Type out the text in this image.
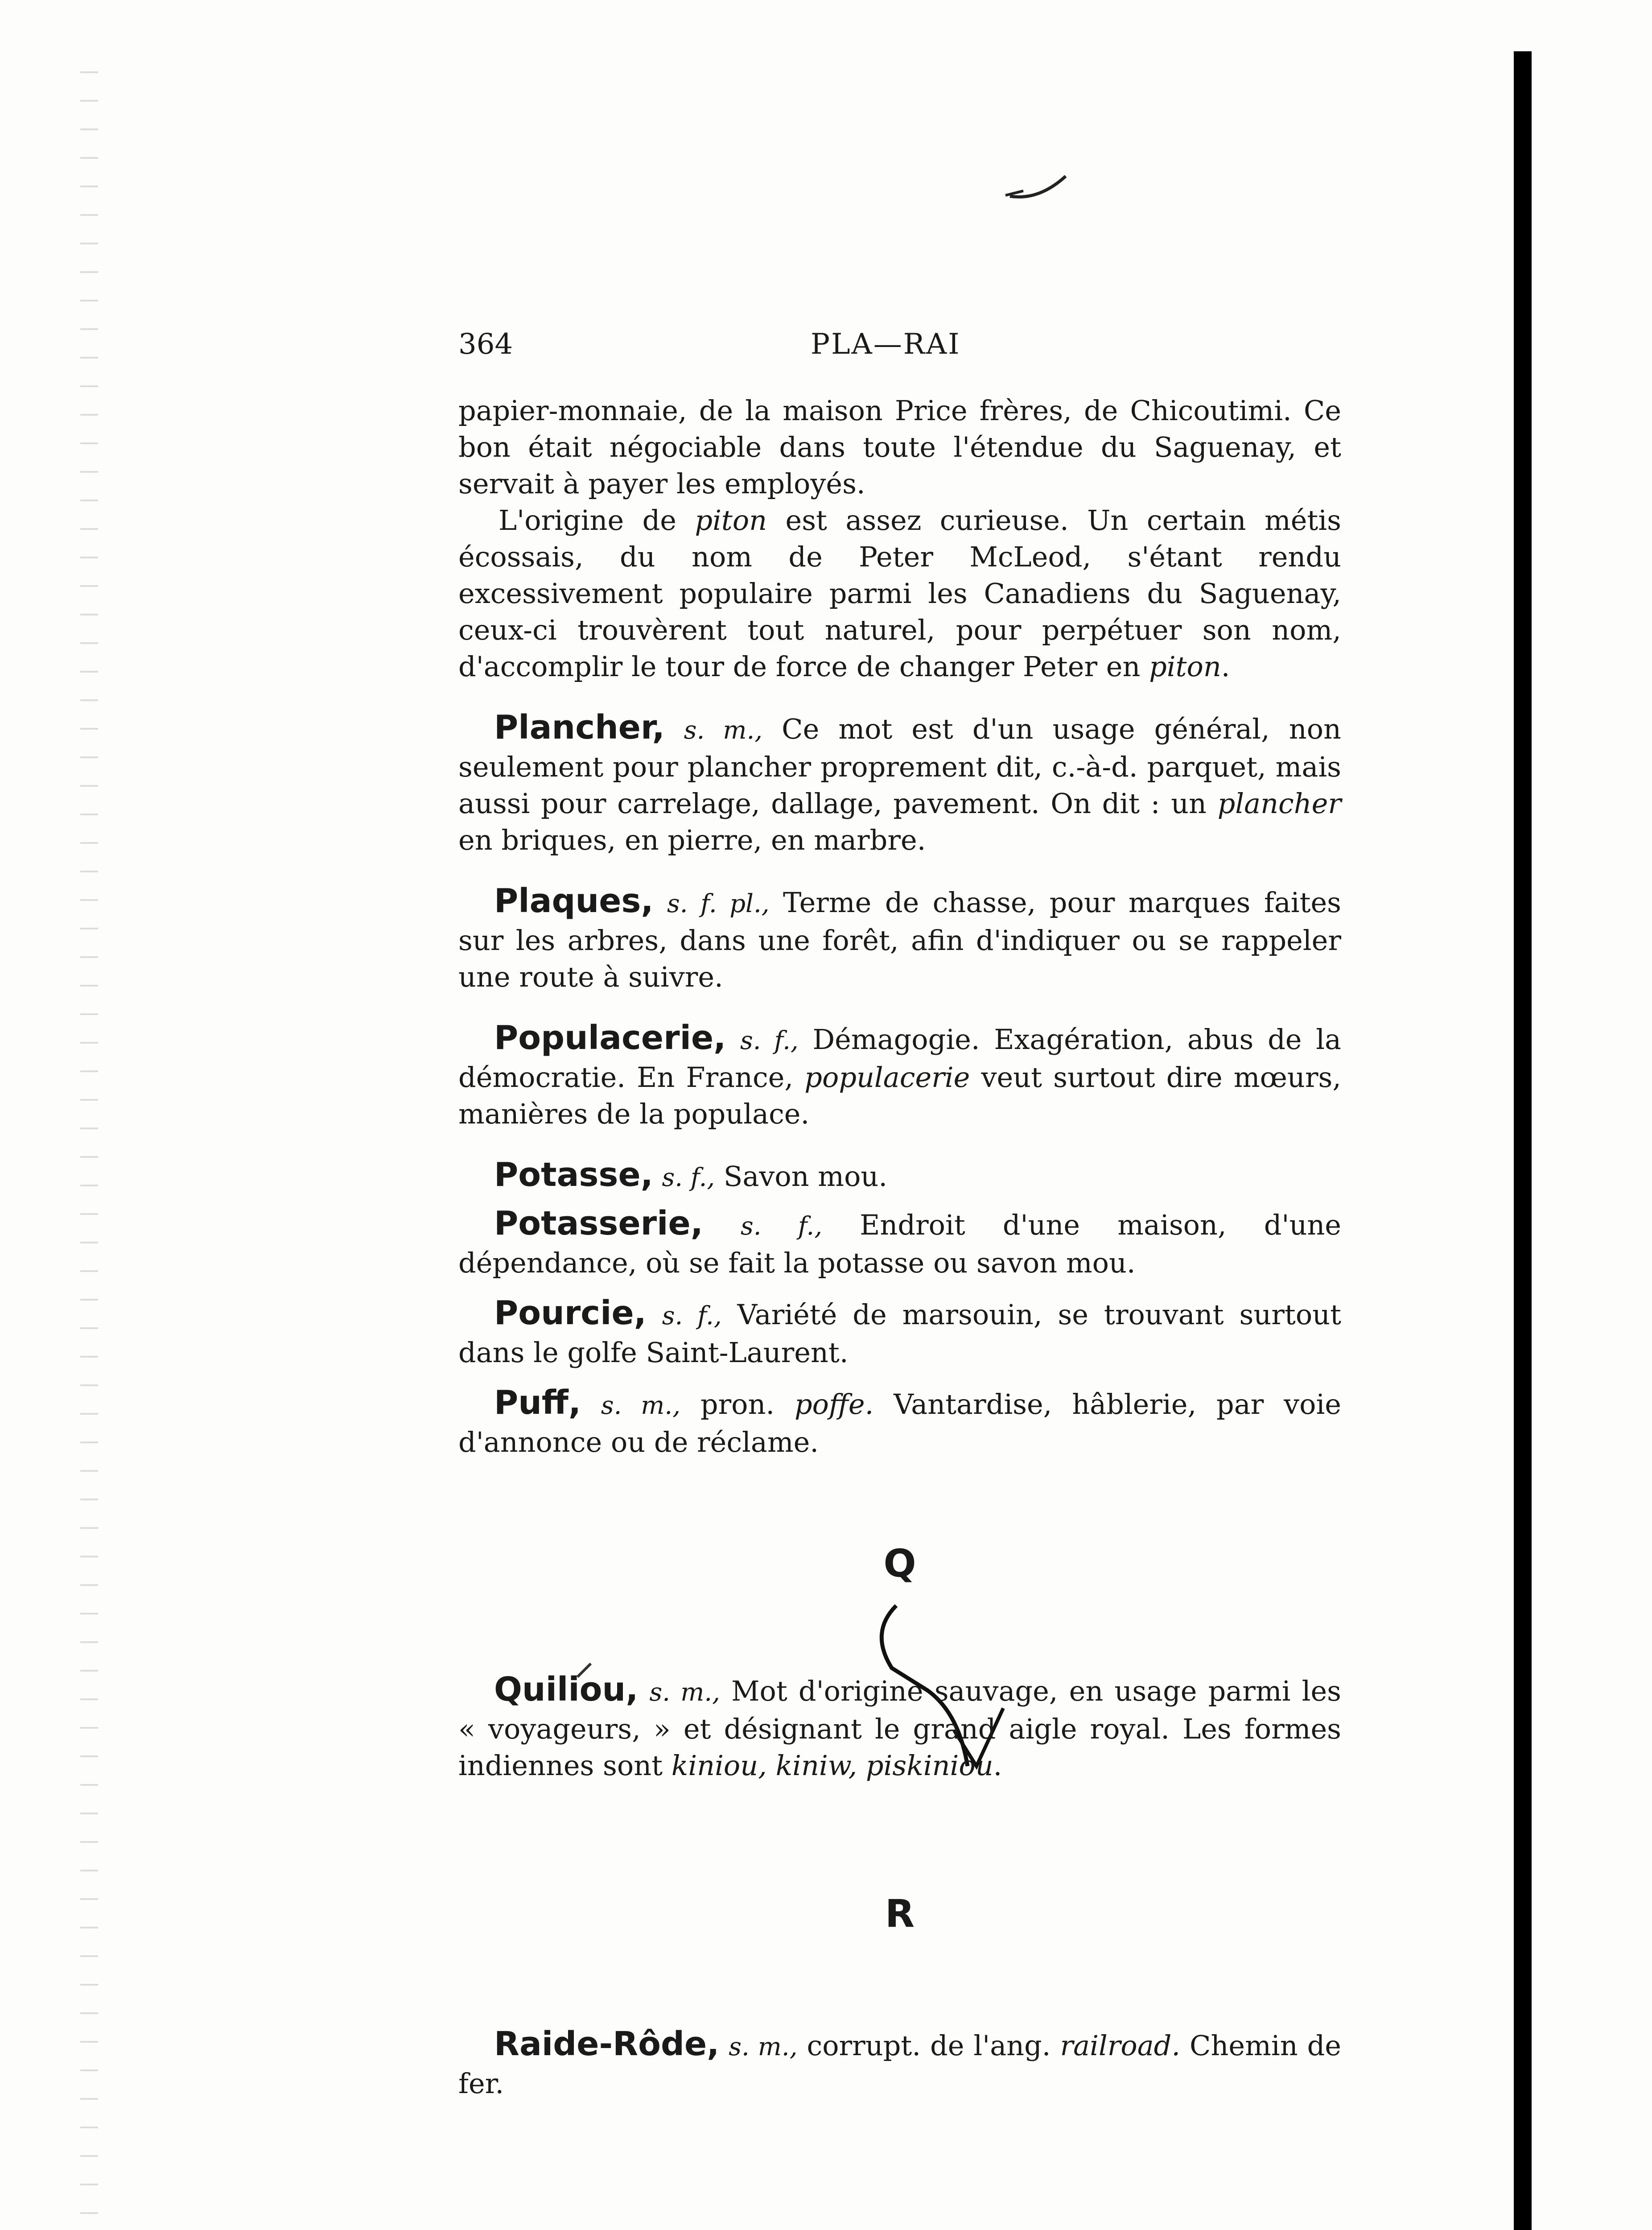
364	PLA—RAI

papier-monnaie, de la maison Price frères, de Chicoutimi. Ce bon était négociable dans toute l'étendue du Saguenay, et servait à payer les employés.

L'origine de piton est assez curieuse. Un certain métis écossais, du nom de Peter McLeod, s'étant rendu excessivement populaire parmi les Canadiens du Saguenay, ceux-ci trouvèrent tout naturel, pour perpétuer son nom, d'accomplir le tour de force de changer Peter en piton.

Plancher, s. m., Ce mot est d'un usage général, non seulement pour plancher proprement dit, c.-à-d. parquet, mais aussi pour carrelage, dallage, pavement. On dit : un plancher en briques, en pierre, en marbre.

Plaques, s. f. pl., Terme de chasse, pour marques faites sur les arbres, dans une forêt, afin d'indiquer ou se rappeler une route à suivre.

Populacerie, s. f., Démagogie. Exagération, abus de la démocratie. En France, populacerie veut surtout dire mœurs, manières de la populace.

Potasse, s. f., Savon mou.

Potasserie, s. f., Endroit d'une maison, d'une dépendance, où se fait la potasse ou savon mou.

Pourcie, s. f., Variété de marsouin, se trouvant surtout dans le golfe Saint-Laurent.

Puff, s. m., pron. poffe. Vantardise, hâblerie, par voie d'annonce ou de réclame.

Q

Quiliou, s. m., Mot d'origine sauvage, en usage parmi les « voyageurs, » et désignant le grand aigle royal. Les formes indiennes sont kiniou, kiniw, piskiniou.

R

Raide-Rôde, s. m., corrupt. de l'ang. railroad. Chemin de fer.
